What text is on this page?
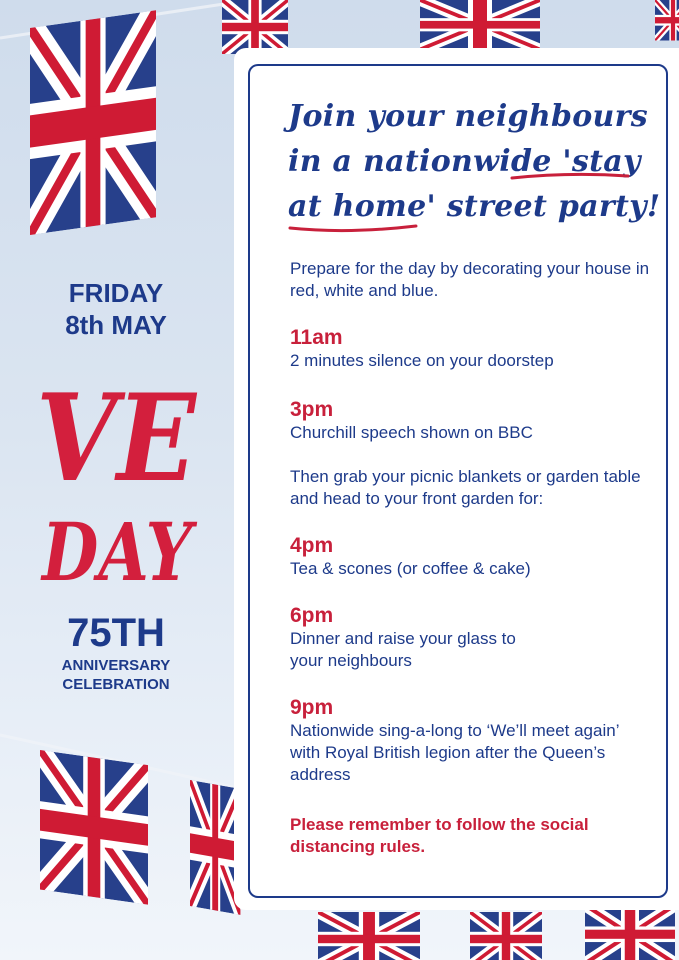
FRIDAY
8th MAY
VE
DAY
75TH
ANNIVERSARY
CELEBRATION
Join your neighbours
in a nationwide 'stay
at home' street party!

Prepare for the day by decorating your house in red, white and blue.

11am
2 minutes silence on your doorstep
3pm
Churchill speech shown on BBC

Then grab your picnic blankets or garden table and head to your front garden for:

4pm
Tea & scones (or coffee & cake)
6pm
Dinner and raise your glass to your neighbours
9pm
Nationwide sing-a-long to ‘We’ll meet again’ with Royal British legion after the Queen’s address

Please remember to follow the social distancing rules.
